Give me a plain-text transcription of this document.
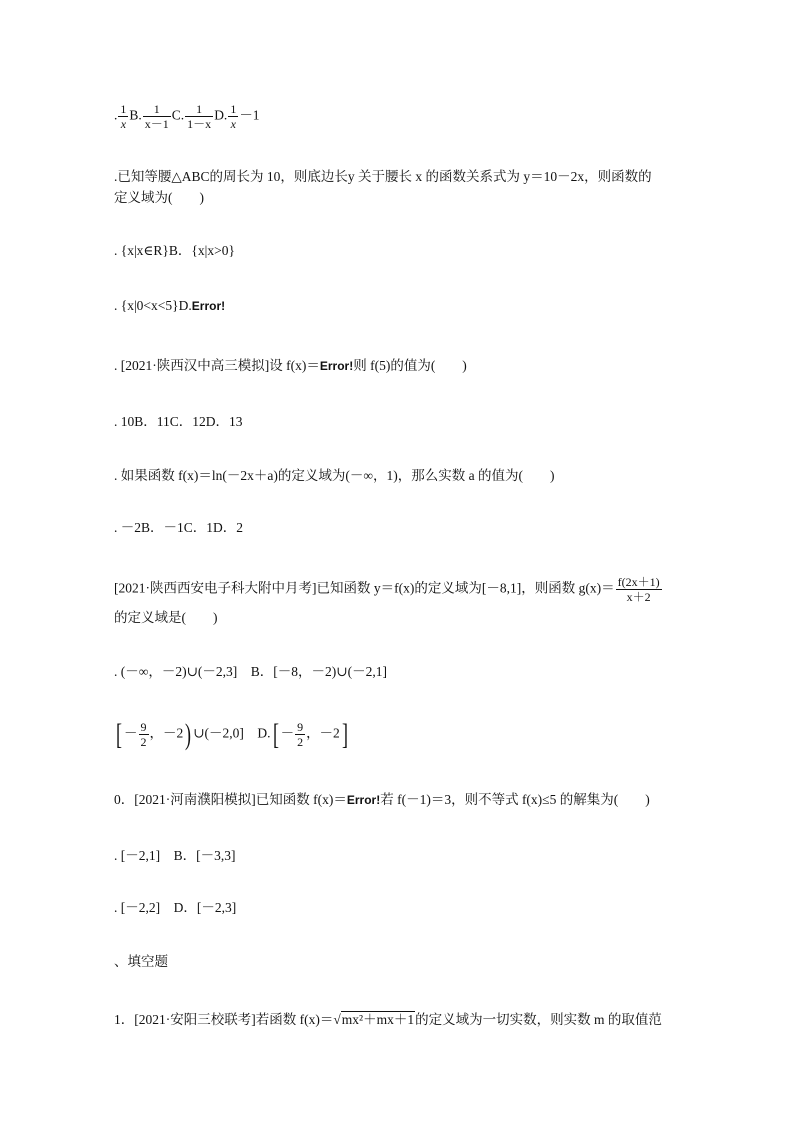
. $\frac{1}{x} B$. $\frac{1}{x-1} C$. $\frac{1}{1-x} D$. $\frac{1}{x} -1$
.已知等腰△ABC的周长为 10，则底边长y 关于腰长 x 的函数关系式为 y＝10－2x，则函数的
定义域为(　　)
. {x|x∈R}B．{x|x>0}
. {x|0<x<5}D.Error!
. [2021·陕西汉中高三模拟]设 f(x)＝Error!则 f(5)的值为(　　)
. 10B．11C．12D．13
. 如果函数 f(x)＝ln(－2x＋a)的定义域为(－∞，1)，那么实数 a 的值为(　　)
. －2B．－1C．1D．2
[2021·陕西西安电子科大附中月考]已知函数 y＝f(x)的定义域为[－8,1]，则函数 $g(x)= \frac{f(2x+1)}{x+2}$
的定义域是(　　)
. (－∞，－2)∪(－2,3]　B．[－8，－2)∪(－2,1]
[ － $\frac{9}{2}$ ，－2) ∪(－2,0]　$D.[ - \frac{9}{2}$ ，－2]
0．[2021·河南濮阳模拟]已知函数 f(x)＝Error!若 f(－1)＝3，则不等式 f(x)≤5 的解集为(　　)
. [－2,1]　B．[－3,3]
. [－2,2]　D．[－2,3]
、填空题
1．[2021·安阳三校联考]若函数 f(x)＝√mx²＋mx＋1的定义域为一切实数，则实数 m 的取值范
